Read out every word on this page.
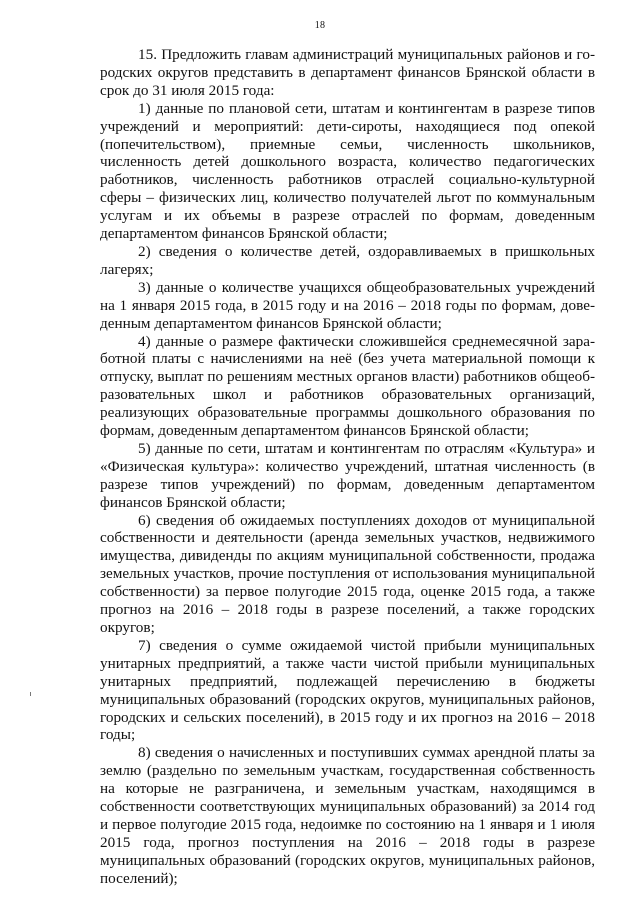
18

15. Предложить главам администраций муниципальных районов и городских округов представить в департамент финансов Брянской области в срок до 31 июля 2015 года:

1) данные по плановой сети, штатам и контингентам в разрезе типов учреждений и мероприятий: дети-сироты, находящиеся под опекой (попечительством), приемные семьи, численность школьников, численность детей дошкольного возраста, количество педагогических работников, численность работников отраслей социально-культурной сферы – физических лиц, количество получателей льгот по коммунальным услугам и их объемы в разрезе отраслей по формам, доведенным департаментом финансов Брянской области;

2) сведения о количестве детей, оздоравливаемых в пришкольных лагерях;

3) данные о количестве учащихся общеобразовательных учреждений на 1 января 2015 года, в 2015 году и на 2016 – 2018 годы по формам, доведенным департаментом финансов Брянской области;

4) данные о размере фактически сложившейся среднемесячной заработной платы с начислениями на неё (без учета материальной помощи к отпуску, выплат по решениям местных органов власти) работников общеобразовательных школ и работников образовательных организаций, реализующих образовательные программы дошкольного образования по формам, доведенным департаментом финансов Брянской области;

5) данные по сети, штатам и контингентам по отраслям «Культура» и «Физическая культура»: количество учреждений, штатная численность (в разрезе типов учреждений) по формам, доведенным департаментом финансов Брянской области;

6) сведения об ожидаемых поступлениях доходов от муниципальной собственности и деятельности (аренда земельных участков, недвижимого имущества, дивиденды по акциям муниципальной собственности, продажа земельных участков, прочие поступления от использования муниципальной собственности) за первое полугодие 2015 года, оценке 2015 года, а также прогноз на 2016 – 2018 годы в разрезе поселений, а также городских округов;

7) сведения о сумме ожидаемой чистой прибыли муниципальных унитарных предприятий, а также части чистой прибыли муниципальных унитарных предприятий, подлежащей перечислению в бюджеты муниципальных образований (городских округов, муниципальных районов, городских и сельских поселений), в 2015 году и их прогноз на 2016 – 2018 годы;

8) сведения о начисленных и поступивших суммах арендной платы за землю (раздельно по земельным участкам, государственная собственность на которые не разграничена, и земельным участкам, находящимся в собственности соответствующих муниципальных образований) за 2014 год и первое полугодие 2015 года, недоимке по состоянию на 1 января и 1 июля 2015 года, прогноз поступления на 2016 – 2018 годы в разрезе муниципальных образований (городских округов, муниципальных районов, поселений);
